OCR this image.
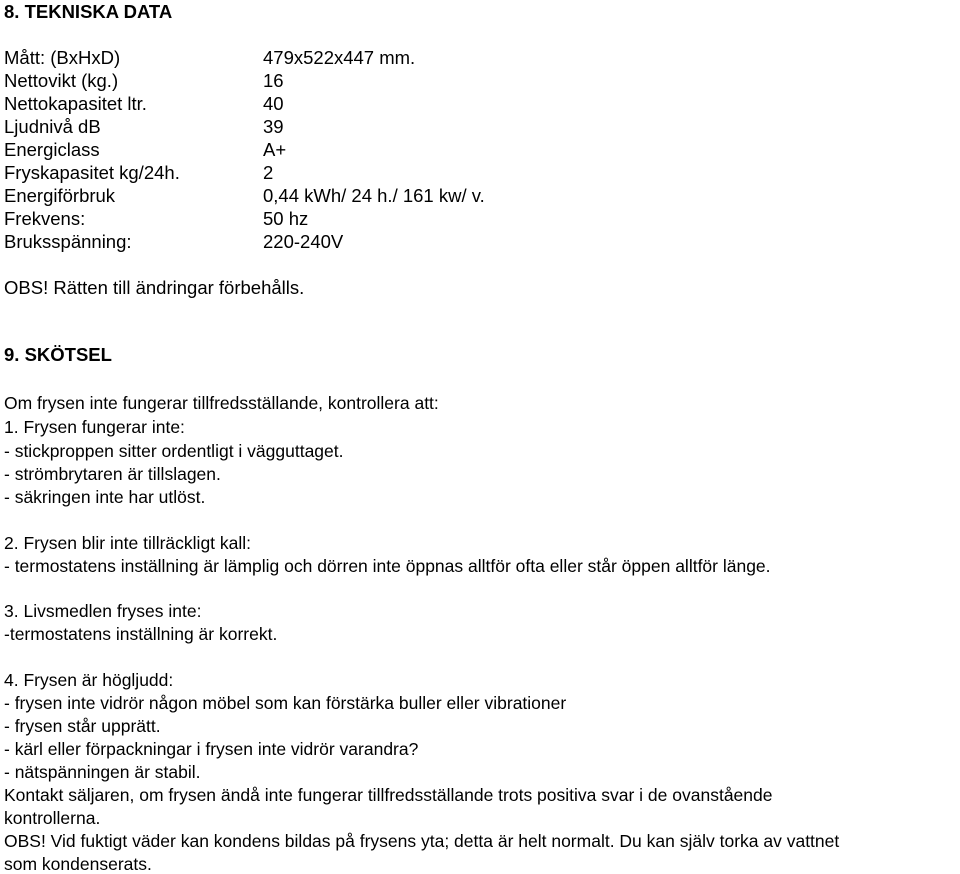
8. TEKNISKA DATA
Mått: (BxHxD)	479x522x447 mm.
Nettovikt (kg.)	16
Nettokapasitet ltr.	40
Ljudnivå dB	39
Energiclass	A+
Fryskapasitet kg/24h.	2
Energiförbruk	0,44 kWh/ 24 h./ 161 kw/ v.
Frekvens:	50 hz
Bruksspänning:	220-240V
OBS! Rätten till ändringar förbehålls.
9. SKÖTSEL
Om frysen inte fungerar tillfredsställande, kontrollera att:
1. Frysen fungerar inte:
- stickproppen sitter ordentligt i vägguttaget.
- strömbrytaren är tillslagen.
- säkringen inte har utlöst.
2. Frysen blir inte tillräckligt kall:
- termostatens inställning är lämplig och dörren inte öppnas alltför ofta eller står öppen alltför länge.
3. Livsmedlen fryses inte:
-termostatens inställning är korrekt.
4. Frysen är högljudd:
- frysen inte vidrör någon möbel som kan förstärka buller eller vibrationer
- frysen står upprätt.
- kärl eller förpackningar i frysen inte vidrör varandra?
- nätspänningen är stabil.
Kontakt säljaren, om frysen ändå inte fungerar tillfredsställande trots positiva svar i de ovanstående
kontrollerna.
OBS! Vid fuktigt väder kan kondens bildas på frysens yta; detta är helt normalt. Du kan själv torka av vattnet
som kondenserats.
